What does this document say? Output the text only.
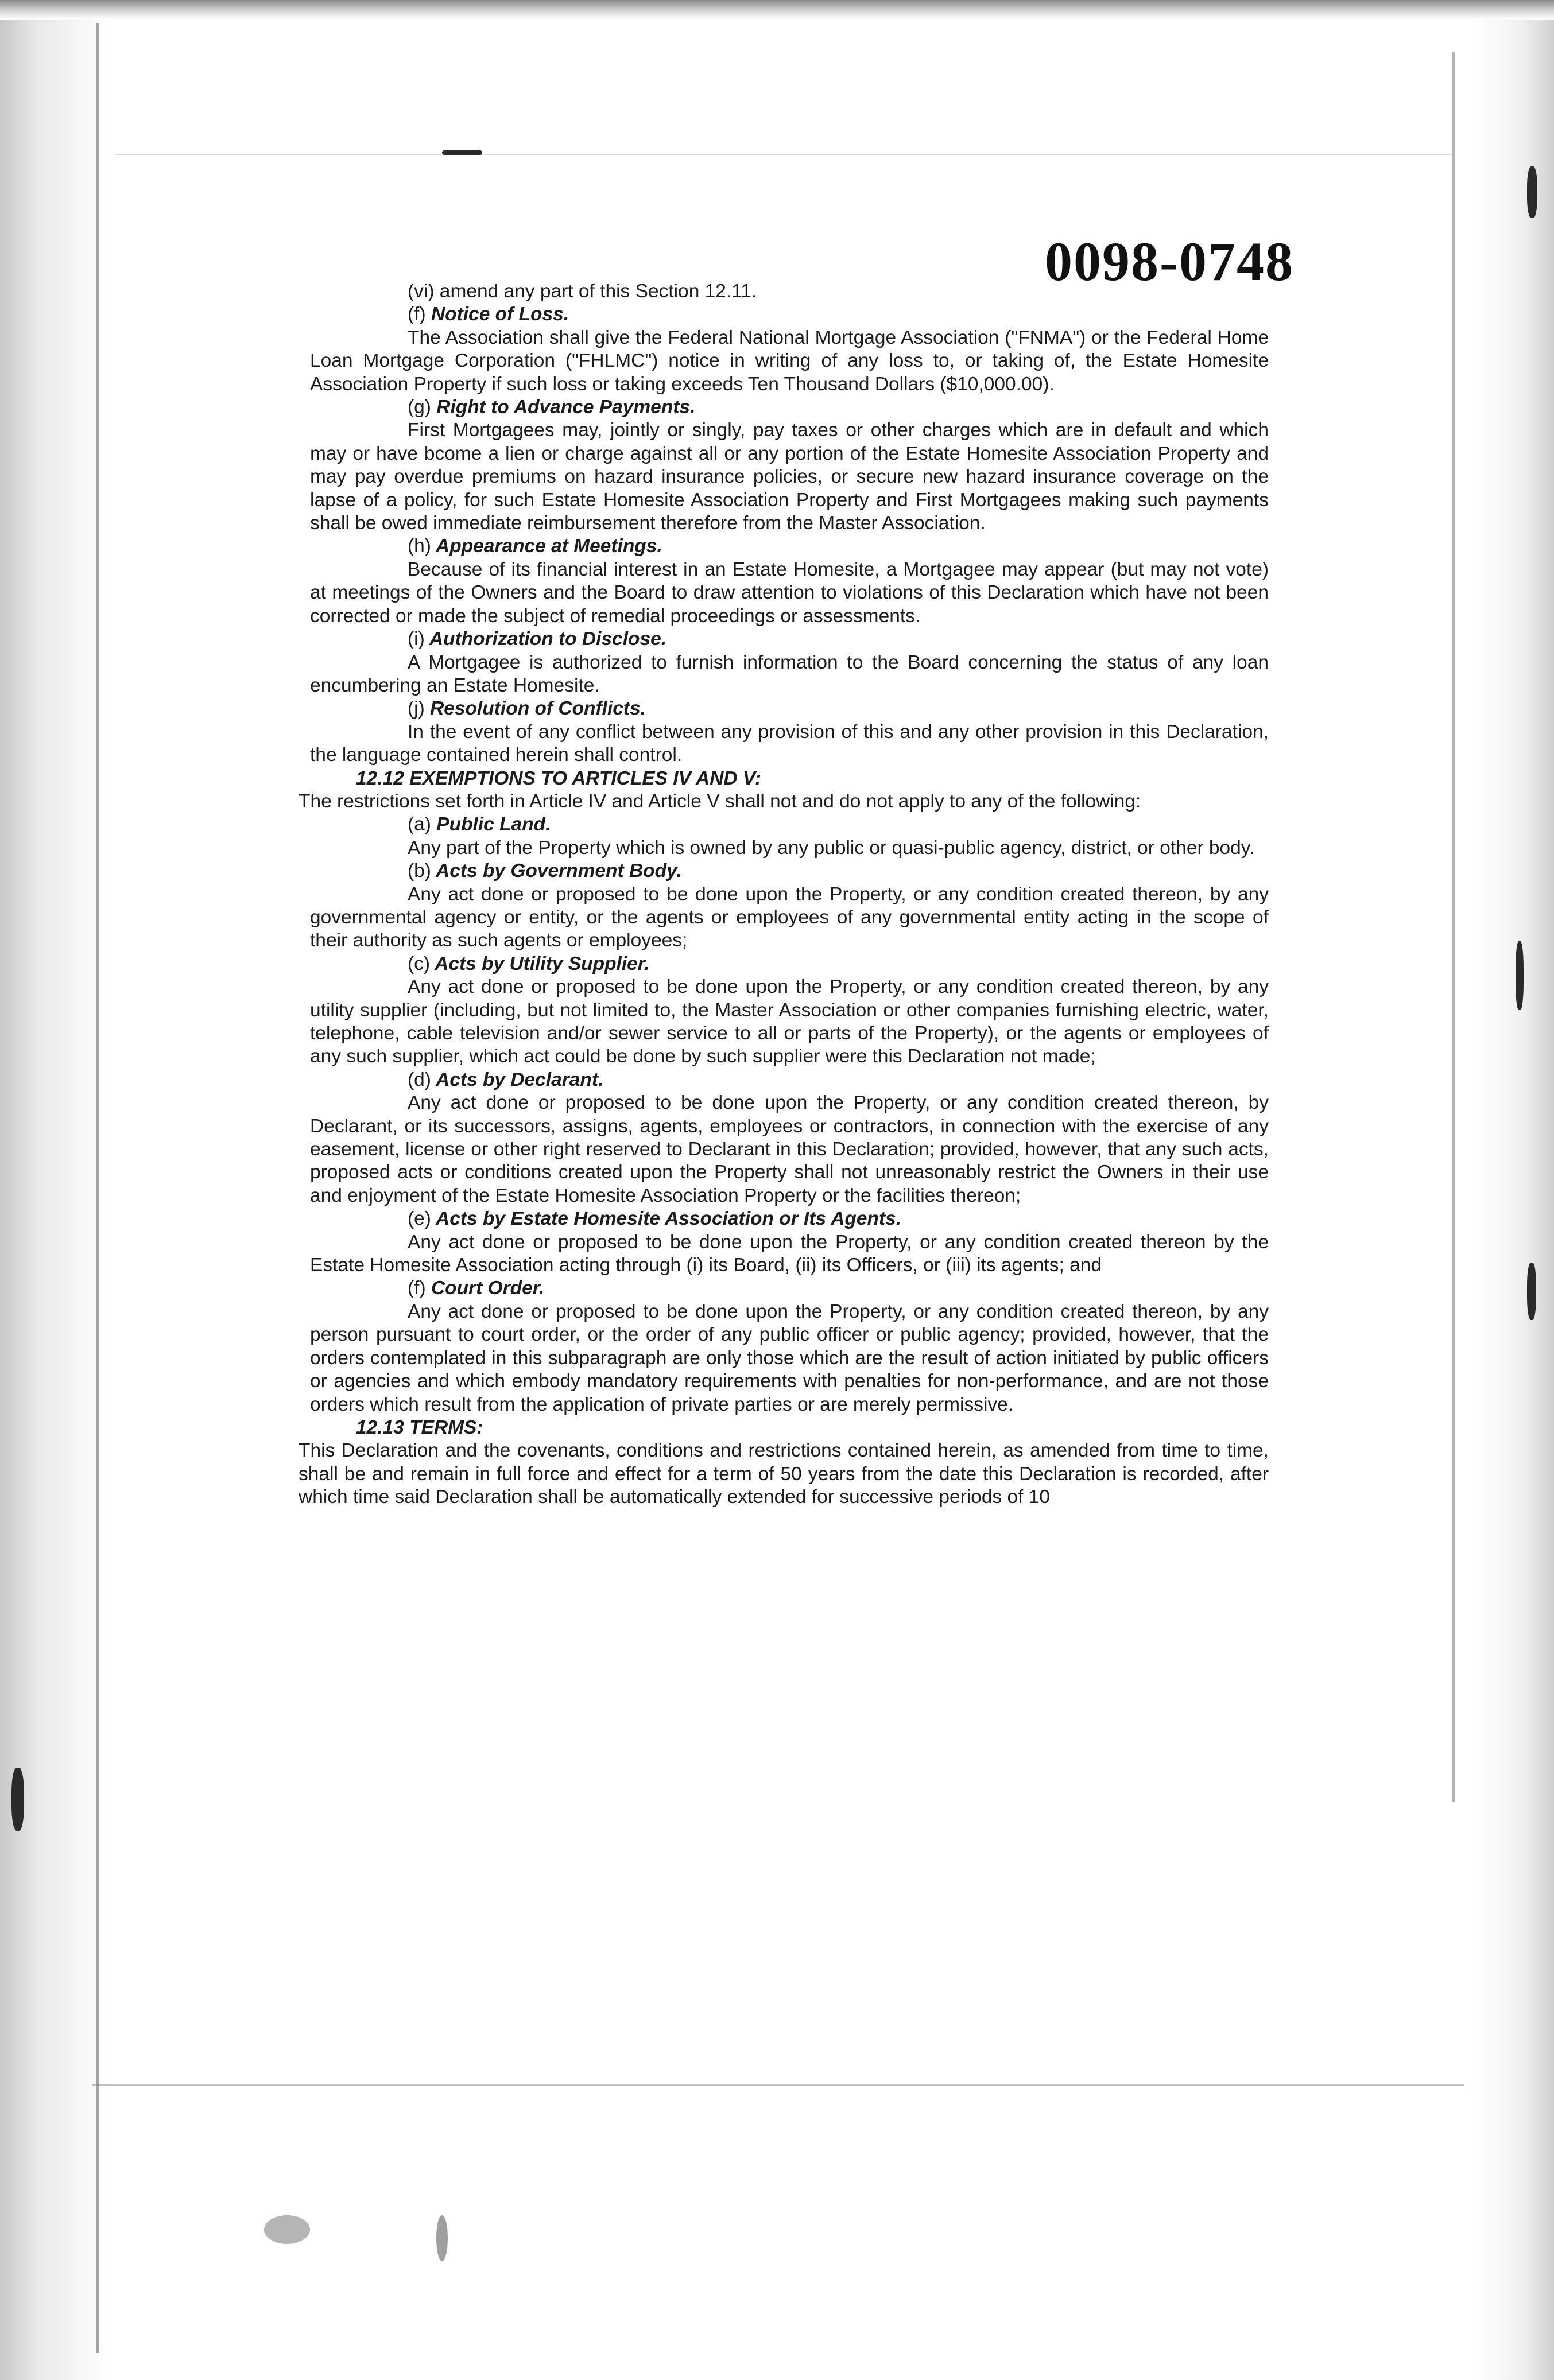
0098-0748

(vi) amend any part of this Section 12.11.

(f) Notice of Loss.

The Association shall give the Federal National Mortgage Association ("FNMA") or the Federal Home Loan Mortgage Corporation ("FHLMC") notice in writing of any loss to, or taking of, the Estate Homesite Association Property if such loss or taking exceeds Ten Thousand Dollars ($10,000.00).

(g) Right to Advance Payments.

First Mortgagees may, jointly or singly, pay taxes or other charges which are in default and which may or have bcome a lien or charge against all or any portion of the Estate Homesite Association Property and may pay overdue premiums on hazard insurance policies, or secure new hazard insurance coverage on the lapse of a policy, for such Estate Homesite Association Property and First Mortgagees making such payments shall be owed immediate reimbursement therefore from the Master Association.

(h) Appearance at Meetings.

Because of its financial interest in an Estate Homesite, a Mortgagee may appear (but may not vote) at meetings of the Owners and the Board to draw attention to violations of this Declaration which have not been corrected or made the subject of remedial proceedings or assessments.

(i) Authorization to Disclose.

A Mortgagee is authorized to furnish information to the Board concerning the status of any loan encumbering an Estate Homesite.

(j) Resolution of Conflicts.

In the event of any conflict between any provision of this and any other provision in this Declaration, the language contained herein shall control.

12.12 EXEMPTIONS TO ARTICLES IV AND V:

The restrictions set forth in Article IV and Article V shall not and do not apply to any of the following:

(a) Public Land.

Any part of the Property which is owned by any public or quasi-public agency, district, or other body.

(b) Acts by Government Body.

Any act done or proposed to be done upon the Property, or any condition created thereon, by any governmental agency or entity, or the agents or employees of any governmental entity acting in the scope of their authority as such agents or employees;

(c) Acts by Utility Supplier.

Any act done or proposed to be done upon the Property, or any condition created thereon, by any utility supplier (including, but not limited to, the Master Association or other companies furnishing electric, water, telephone, cable television and/or sewer service to all or parts of the Property), or the agents or employees of any such supplier, which act could be done by such supplier were this Declaration not made;

(d) Acts by Declarant.

Any act done or proposed to be done upon the Property, or any condition created thereon, by Declarant, or its successors, assigns, agents, employees or contractors, in connection with the exercise of any easement, license or other right reserved to Declarant in this Declaration; provided, however, that any such acts, proposed acts or conditions created upon the Property shall not unreasonably restrict the Owners in their use and enjoyment of the Estate Homesite Association Property or the facilities thereon;

(e) Acts by Estate Homesite Association or Its Agents.

Any act done or proposed to be done upon the Property, or any condition created thereon by the Estate Homesite Association acting through (i) its Board, (ii) its Officers, or (iii) its agents; and

(f) Court Order.

Any act done or proposed to be done upon the Property, or any condition created thereon, by any person pursuant to court order, or the order of any public officer or public agency; provided, however, that the orders contemplated in this subparagraph are only those which are the result of action initiated by public officers or agencies and which embody mandatory requirements with penalties for non-performance, and are not those orders which result from the application of private parties or are merely permissive.

12.13 TERMS:

This Declaration and the covenants, conditions and restrictions contained herein, as amended from time to time, shall be and remain in full force and effect for a term of 50 years from the date this Declaration is recorded, after which time said Declaration shall be automatically extended for successive periods of 10
